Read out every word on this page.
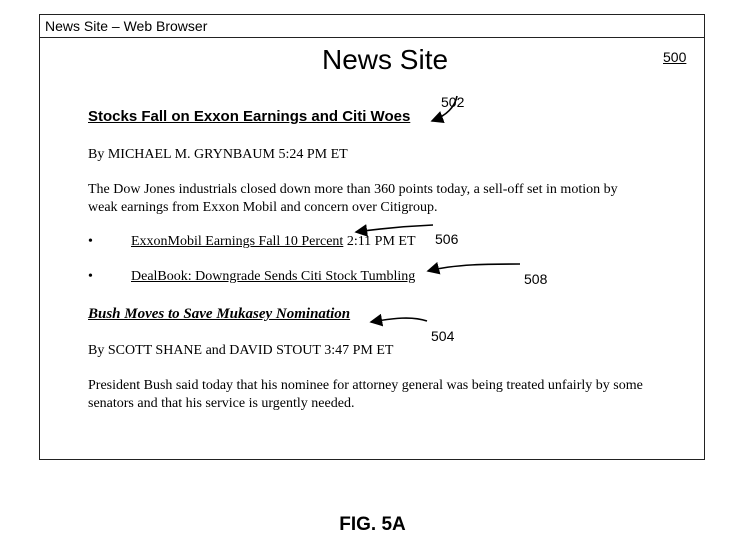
News Site – Web Browser
News Site	500
502
Stocks Fall on Exxon Earnings and Citi Woes
By MICHAEL M. GRYNBAUM 5:24 PM ET
The Dow Jones industrials closed down more than 360 points today, a sell-off set in motion by weak earnings from Exxon Mobil and concern over Citigroup.
•	ExxonMobil Earnings Fall 10 Percent 2:11 PM ET 506
•	DealBook: Downgrade Sends Citi Stock Tumbling	508
Bush Moves to Save Mukasey Nomination
504
By SCOTT SHANE and DAVID STOUT 3:47 PM ET
President Bush said today that his nominee for attorney general was being treated unfairly by some senators and that his service is urgently needed.
FIG. 5A
